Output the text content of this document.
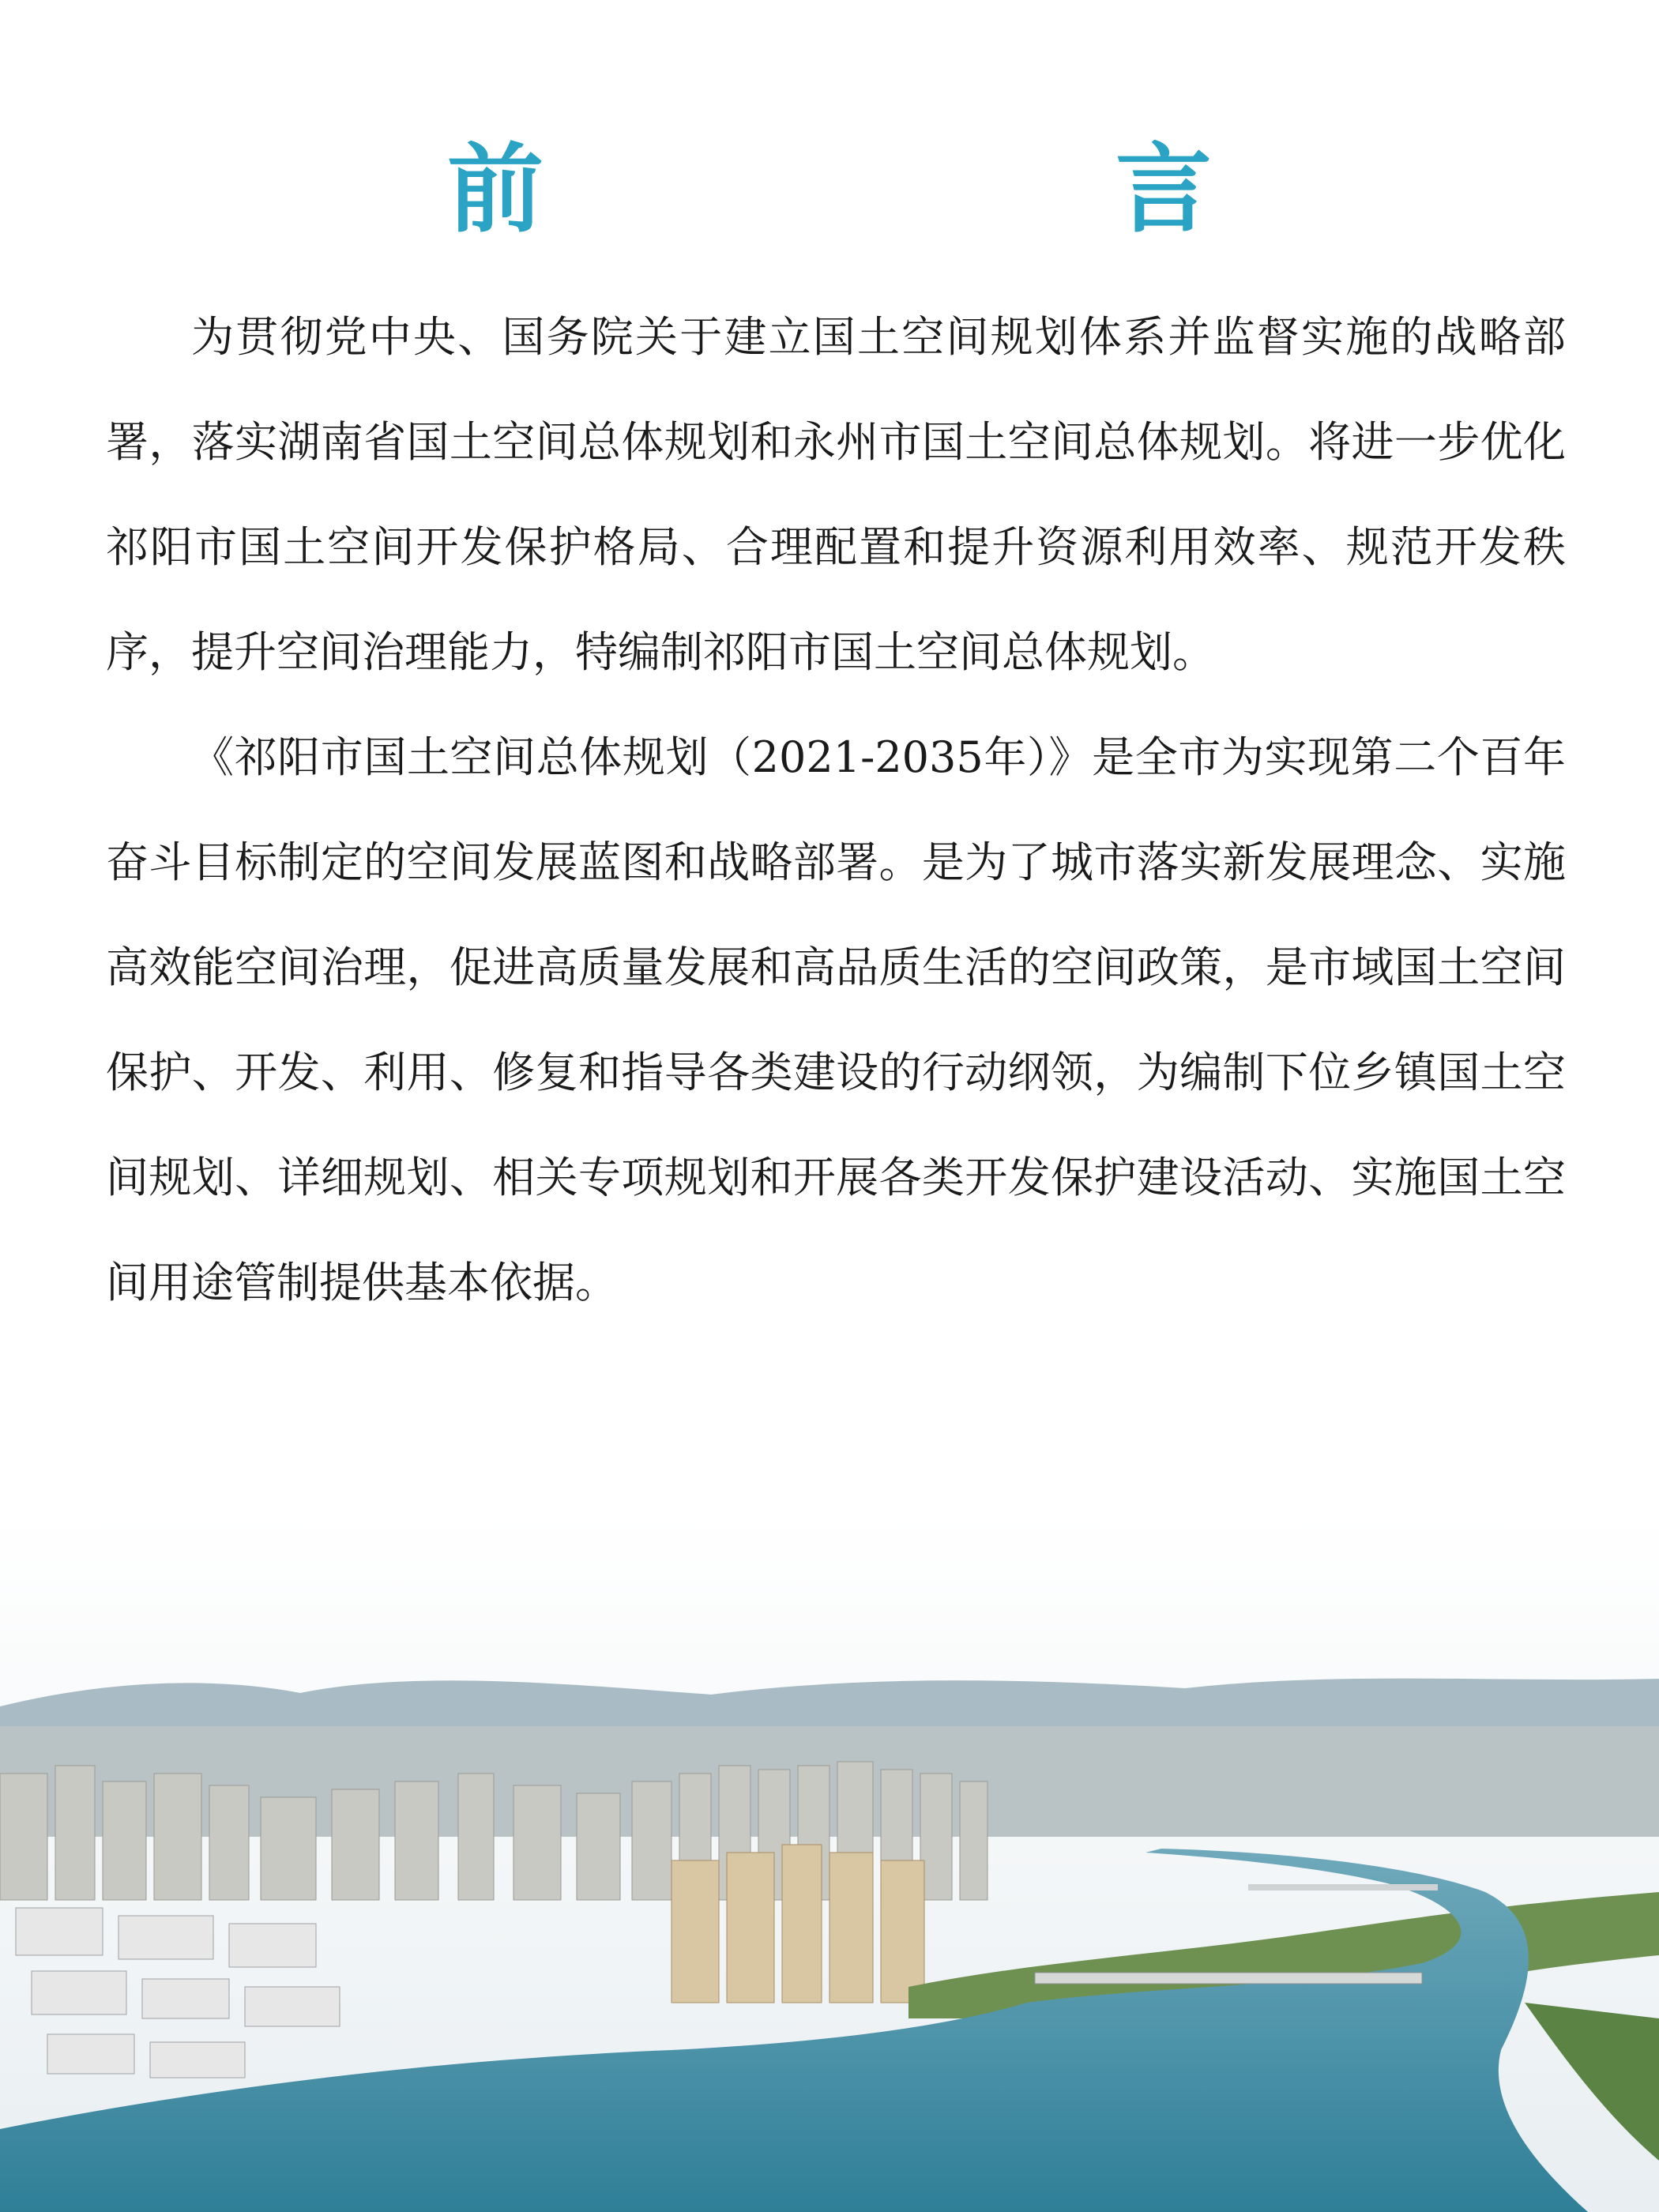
前　　言

为贯彻党中央、国务院关于建立国土空间规划体系并监督实施的战略部署，落实湖南省国土空间总体规划和永州市国土空间总体规划。将进一步优化祁阳市国土空间开发保护格局、合理配置和提升资源利用效率、规范开发秩序，提升空间治理能力，特编制祁阳市国土空间总体规划。

《祁阳市国土空间总体规划（2021-2035年）》是全市为实现第二个百年奋斗目标制定的空间发展蓝图和战略部署。是为了城市落实新发展理念、实施高效能空间治理，促进高质量发展和高品质生活的空间政策，是市域国土空间保护、开发、利用、修复和指导各类建设的行动纲领，为编制下位乡镇国土空间规划、详细规划、相关专项规划和开展各类开发保护建设活动、实施国土空间用途管制提供基本依据。
